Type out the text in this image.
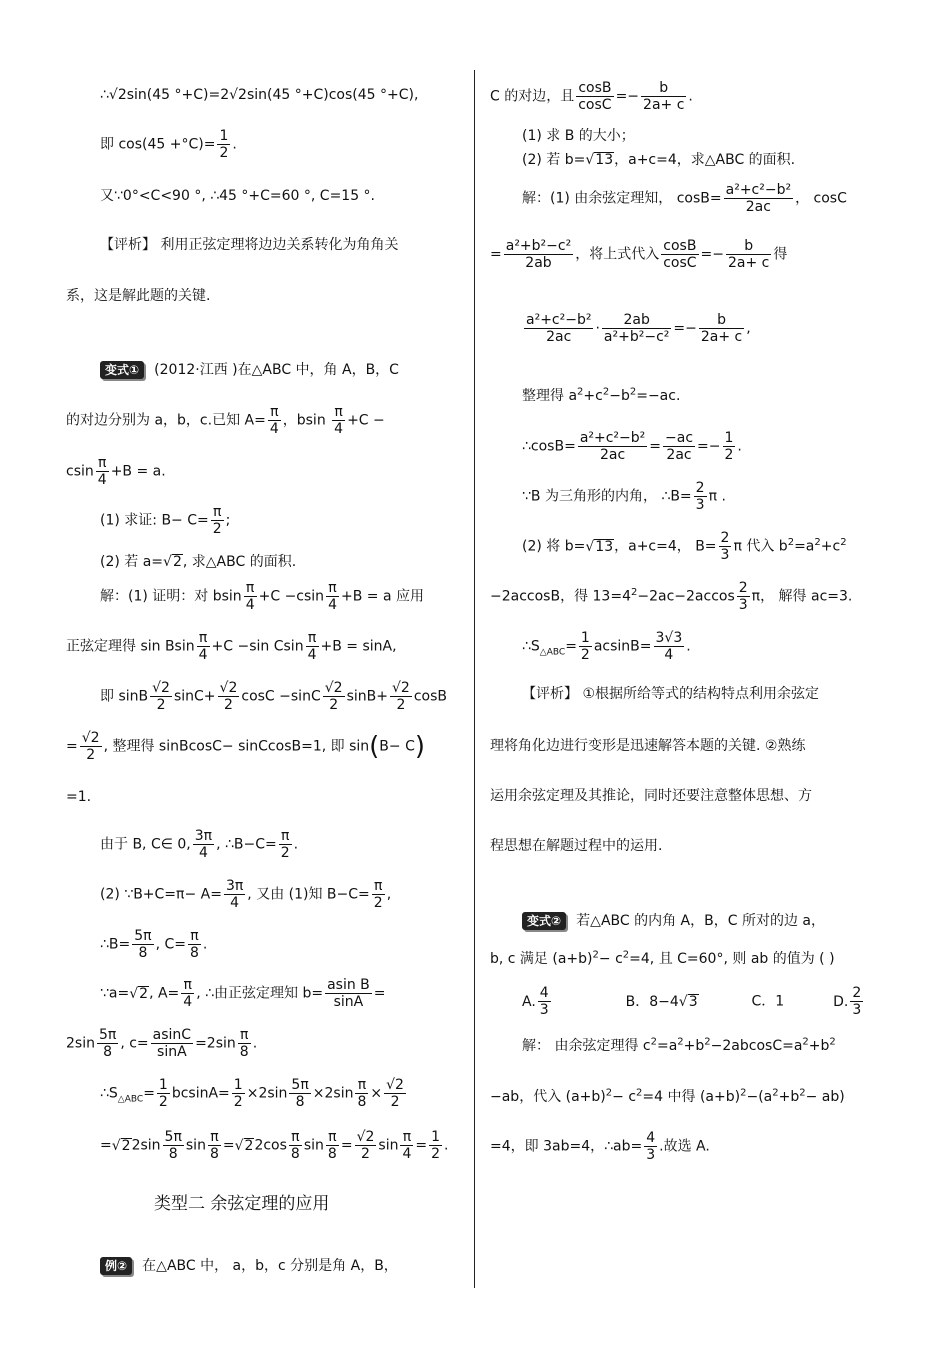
∴√2sin(45 °+C)=2√2sin(45 °+C)cos(45 °+C),
即 $\cos(45 +^\circ C)= \frac{1}{2}$ .
又∵0°<C<90 °, ∴45 °+C=60 °, C=15 °.
【评析】 利用正弦定理将边边关系转化为角角关
系，这是解此题的关键.
变式① (2012·江西 )在△ABC 中，角 A，B，C
的对边分别为 a，b，c.已知 $A= \frac{\pi}{4}$ ，bsin $\frac{\pi}{4} +C$ −
csin $\frac{\pi}{4} +B = a$.
(1) 求证: $B- C= \frac{\pi}{2}$ ;
(2) 若 a=√2, 求△ABC 的面积.
解：(1) 证明：对 bsin $\frac{\pi}{4} +C -csin \frac{\pi}{4} +B = a$ 应用
正弦定理得 sin Bsin $\frac{\pi}{4} +C -\sin$ Csin $\frac{\pi}{4} +B = \sin A$,
即 sinB $\frac{√2}{2} \sin C+ \frac{√2}{2}$ $\cos C -\sin C \frac{√2}{2} \sin B+ \frac{√2}{2}$ cosB
= $\frac{√2}{2}$ , 整理得 sinBcosC− sinCcosB=1, 即 sin(B− C)
=1.
由于 B, C∈ 0, $\frac{3\pi}{4}$ , ∴B−C= $\frac{\pi}{2}$ .
(2) ∵B+C=π− $A= \frac{3\pi}{4}$ , 又由 (1)知 $B-C= \frac{\pi}{2}$ ,
∴B= $\frac{5\pi}{8}$ , $C= \frac{\pi}{8}$ .
∵a=√2, $A= \frac{\pi}{4}$ , ∴由正弦定理知 $b= \frac{\text{asin B}}{\sin A}$ =
$2\sin \frac{5\pi}{8}$ , $c= \frac{asinC}{\sin A} =2\sin \frac{\pi}{8}$ .
$\therefore S_{\triangle ABC}= \frac{1}{2} bcsinA= \frac{1}{2} \times 2\sin \frac{5\pi}{8} \times 2\sin \frac{\pi}{8} \times \frac{√2}{2}$
$=√22\sin \frac{5\pi}{8}$ $\sin \frac{\pi}{8} =√22\cos \frac{\pi}{8}$ $\sin \frac{\pi}{8} = \frac{√2}{2}$ $\sin \frac{\pi}{4} = \frac{1}{2}$ .
类型二 余弦定理的应用
例② 在△ABC 中， a，b，c 分别是角 A，B，
C 的对边，且 $\frac{\cos B}{\cos C} =- \frac{b}{2a+ c}$ .
(1) 求 B 的大小；
(2) 若 b=√13，a+c=4，求△ABC 的面积.
解：(1) 由余弦定理知， $\cos B= \frac{\text{a²+c²−b²}}{2ac}$ ， cosC
= $\frac{\text{a²+b²−c²}}{2ab}$ ，将上式代入 $\frac{\cos B}{\cos C} =- \frac{b}{2a+ c}$ 得
$\frac{\text{a²+c²−b²}}{2ac} \cdot \frac{2ab}{\text{a²+b²−c²}} =- \frac{b}{2a+ c}$ ,
整理得 $a^2+c^2-b^2=-ac$.
∴cosB= $\frac{\text{a²+c²−b²}}{2ac} = \frac{-ac}{2ac} =- \frac{1}{2}$ .
∵B 为三角形的内角， ∴B= $\frac{2}{3}$ π .
(2) 将 b=√13，a+c=4， $B= \frac{2}{3}$ π 代入 $b^2=a^2+c^2$
−2accosB，得 $13=4^2-2ac-2accos \frac{2}{3}$ π， 解得 ac=3.
$\therefore S_{\triangle ABC}= \frac{1}{2} acsinB= \frac{3√3}{4}$ .
【评析】 ①根据所给等式的结构特点利用余弦定
理将角化边进行变形是迅速解答本题的关键. ②熟练
运用余弦定理及其推论，同时还要注意整体思想、方
程思想在解题过程中的运用.
变式② 若△ABC 的内角 A，B，C 所对的边 a，
b, c 满足 $(a+b)^2- c^2=4$, 且 C=60°, 则 ab 的值为 ( )
A. $\frac{4}{3}$	B．8−4√3	C．1	D. $\frac{2}{3}$
解： 由余弦定理得 $c^2=a^2+b^2-2abcosC=a^2+b^2$
−ab，代入 $(a+b)^2- c^2=4$ 中得 $(a+b)^2-(a^2+b^2- ab)$
=4，即 3ab=4，∴ab= $\frac{4}{3}$ .故选 A.
